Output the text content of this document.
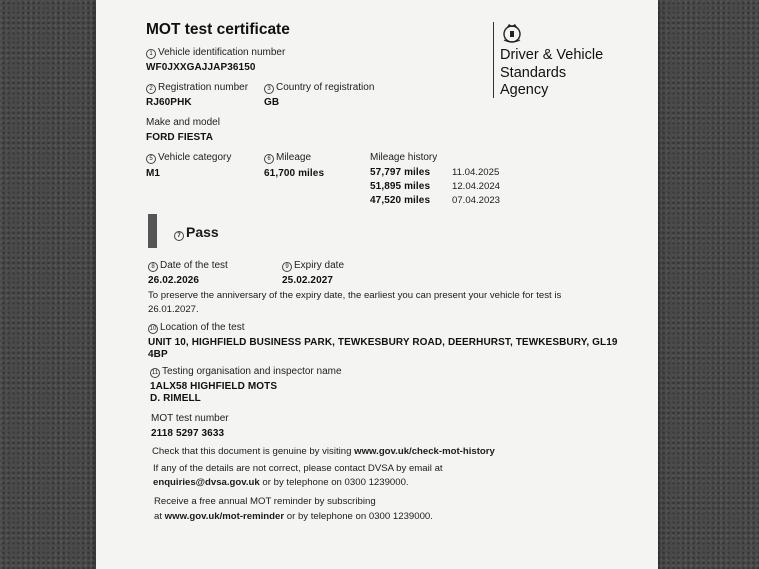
MOT test certificate
Driver & Vehicle
Standards
Agency
1 Vehicle identification number
WF0JXXGAJJAP36150
2 Registration number
RJ60PHK
3 Country of registration
GB
Make and model
FORD FIESTA
5 Vehicle category
M1
6 Mileage
61,700 miles
Mileage history
57,797 miles 11.04.2025
51,895 miles 12.04.2024
47,520 miles 07.04.2023
7 Pass
8 Date of the test
26.02.2026
9 Expiry date
25.02.2027
To preserve the anniversary of the expiry date, the earliest you can present your vehicle for test is
26.01.2027.
10 Location of the test
UNIT 10, HIGHFIELD BUSINESS PARK, TEWKESBURY ROAD, DEERHURST, TEWKESBURY, GL19
4BP
11 Testing organisation and inspector name
1ALX58 HIGHFIELD MOTS
D. RIMELL
MOT test number
2118 5297 3633
Check that this document is genuine by visiting www.gov.uk/check-mot-history
If any of the details are not correct, please contact DVSA by email at
enquiries@dvsa.gov.uk or by telephone on 0300 1239000.
Receive a free annual MOT reminder by subscribing
at www.gov.uk/mot-reminder or by telephone on 0300 1239000.
